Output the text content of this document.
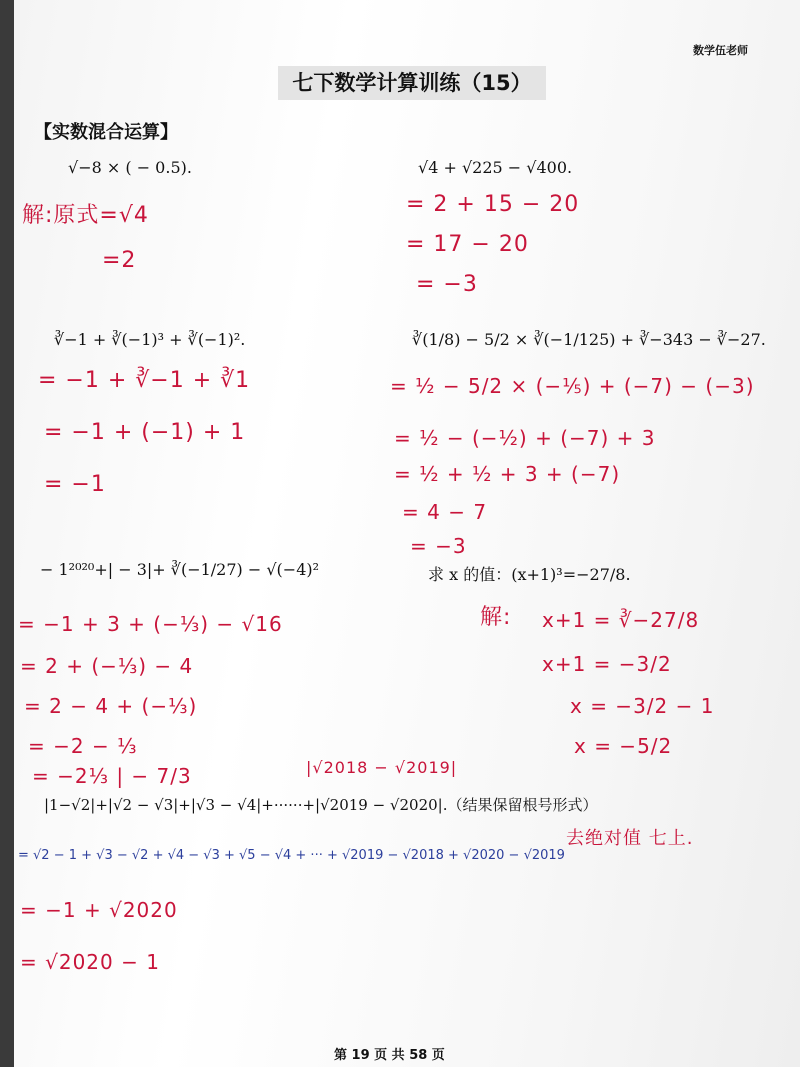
数学伍老师
七下数学计算训练（15）
【实数混合运算】
√−8 × ( − 0.5).	√4 + √225 − √400.
解:原式=√4
=2
= 2 + 15 − 20
= 17 − 20
= −3
∛−1 + ∛(−1)³ + ∛(−1)².	∛(1/8) − 5/2 × ∛(−1/125) + ∛−343 − ∛−27.
= −1 + ∛−1 + ∛1
= −1 + (−1) + 1
= −1
= ½ − 5/2 × (−⅕) + (−7) − (−3)
= ½ − (−½) + (−7) + 3
= ½ + ½ + 3 + (−7)
= 4 − 7
= −3
− 1²⁰²⁰+| − 3|+ ∛(−1/27) − √(−4)²	求 x 的值：(x+1)³=−27/8.
= −1 + 3 + (−⅓) − √16
= 2 + (−⅓) − 4
= 2 − 4 + (−⅓)
= −2 − ⅓
= −2⅓ | − 7/3
解: x+1 = ∛−27/8
x+1 = −3/2
x = −3/2 − 1
x = −5/2
|√2018 − √2019|
|1−√2|+|√2 − √3|+|√3 − √4|+······+|√2019 − √2020|.（结果保留根号形式）
去绝对值 七上.
= √2 − 1 + √3 − √2 + √4 − √3 + √5 − √4 + ··· + √2019 − √2018 + √2020 − √2019
= −1 + √2020
= √2020 − 1
第 19 页 共 58 页
